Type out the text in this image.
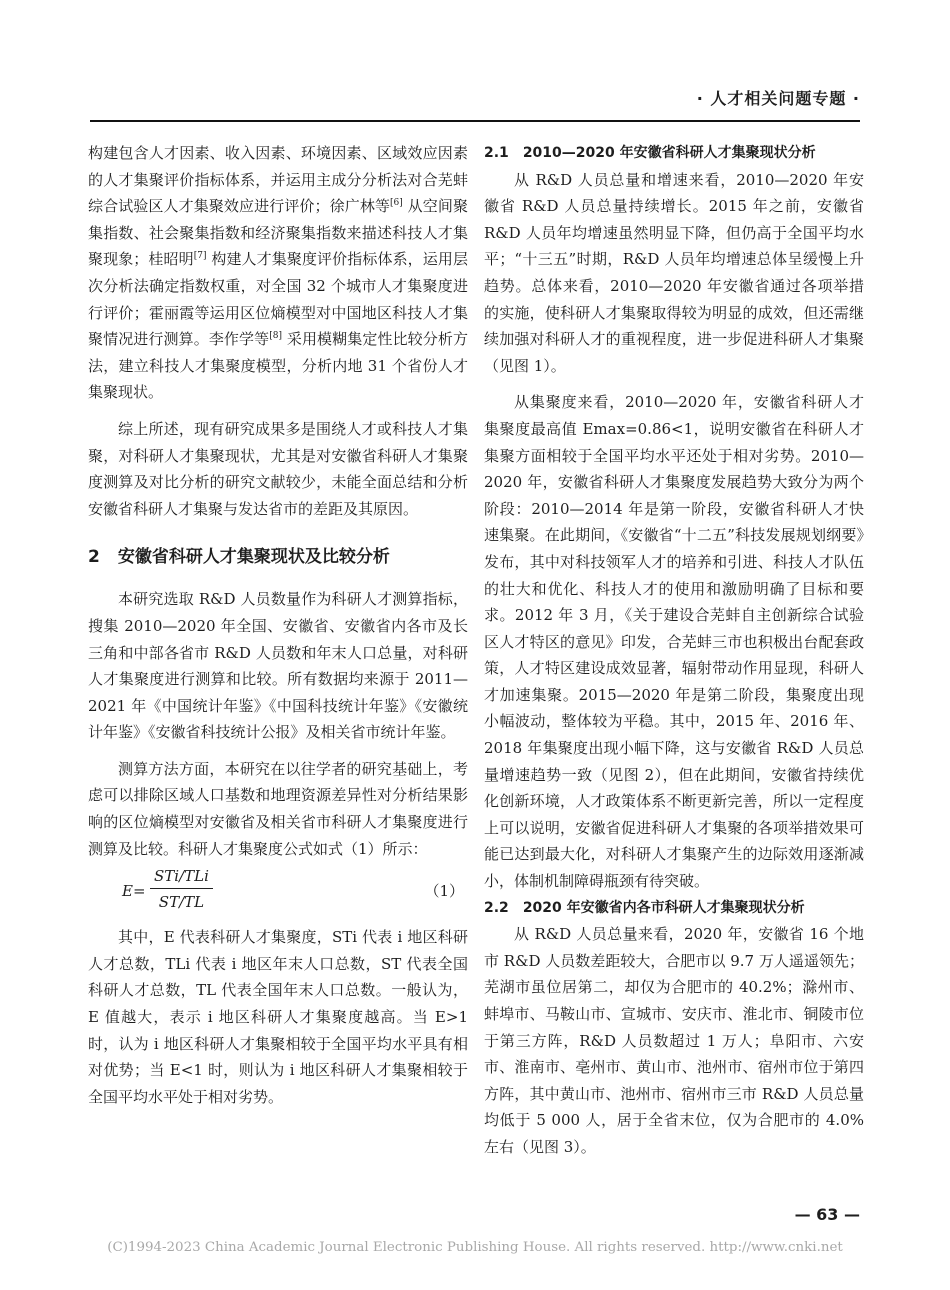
· 人才相关问题专题 ·

构建包含人才因素、收入因素、环境因素、区域效应因素的人才集聚评价指标体系，并运用主成分分析法对合芜蚌综合试验区人才集聚效应进行评价；徐广林等[6] 从空间聚集指数、社会聚集指数和经济聚集指数来描述科技人才集聚现象；桂昭明[7] 构建人才集聚度评价指标体系，运用层次分析法确定指数权重，对全国 32 个城市人才集聚度进行评价；霍丽霞等运用区位熵模型对中国地区科技人才集聚情况进行测算。李作学等[8] 采用模糊集定性比较分析方法，建立科技人才集聚度模型，分析内地 31 个省份人才集聚现状。

综上所述，现有研究成果多是围绕人才或科技人才集聚，对科研人才集聚现状，尤其是对安徽省科研人才集聚度测算及对比分析的研究文献较少，未能全面总结和分析安徽省科研人才集聚与发达省市的差距及其原因。

2 安徽省科研人才集聚现状及比较分析

本研究选取 R&D 人员数量作为科研人才测算指标，搜集 2010—2020 年全国、安徽省、安徽省内各市及长三角和中部各省市 R&D 人员数和年末人口总量，对科研人才集聚度进行测算和比较。所有数据均来源于 2011—2021 年《中国统计年鉴》《中国科技统计年鉴》《安徽统计年鉴》《安徽省科技统计公报》及相关省市统计年鉴。

测算方法方面，本研究在以往学者的研究基础上，考虑可以排除区域人口基数和地理资源差异性对分析结果影响的区位熵模型对安徽省及相关省市科研人才集聚度进行测算及比较。科研人才集聚度公式如式（1）所示：

E=
STi/TLi
ST/TL
（1）

其中，E 代表科研人才集聚度，STi 代表 i 地区科研人才总数，TLi 代表 i 地区年末人口总数，ST 代表全国科研人才总数，TL 代表全国年末人口总数。一般认为，E 值越大，表示 i 地区科研人才集聚度越高。当 E>1 时，认为 i 地区科研人才集聚相较于全国平均水平具有相对优势；当 E<1 时，则认为 i 地区科研人才集聚相较于全国平均水平处于相对劣势。

2.1 2010—2020 年安徽省科研人才集聚现状分析

从 R&D 人员总量和增速来看，2010—2020 年安徽省 R&D 人员总量持续增长。2015 年之前，安徽省 R&D 人员年均增速虽然明显下降，但仍高于全国平均水平；“十三五”时期，R&D 人员年均增速总体呈缓慢上升趋势。总体来看，2010—2020 年安徽省通过各项举措的实施，使科研人才集聚取得较为明显的成效，但还需继续加强对科研人才的重视程度，进一步促进科研人才集聚（见图 1）。

从集聚度来看，2010—2020 年，安徽省科研人才集聚度最高值 Emax=0.86<1，说明安徽省在科研人才集聚方面相较于全国平均水平还处于相对劣势。2010—2020 年，安徽省科研人才集聚度发展趋势大致分为两个阶段：2010—2014 年是第一阶段，安徽省科研人才快速集聚。在此期间，《安徽省“十二五”科技发展规划纲要》发布，其中对科技领军人才的培养和引进、科技人才队伍的壮大和优化、科技人才的使用和激励明确了目标和要求。2012 年 3 月，《关于建设合芜蚌自主创新综合试验区人才特区的意见》印发，合芜蚌三市也积极出台配套政策，人才特区建设成效显著，辐射带动作用显现，科研人才加速集聚。2015—2020 年是第二阶段，集聚度出现小幅波动，整体较为平稳。其中，2015 年、2016 年、2018 年集聚度出现小幅下降，这与安徽省 R&D 人员总量增速趋势一致（见图 2），但在此期间，安徽省持续优化创新环境，人才政策体系不断更新完善，所以一定程度上可以说明，安徽省促进科研人才集聚的各项举措效果可能已达到最大化，对科研人才集聚产生的边际效用逐渐减小，体制机制障碍瓶颈有待突破。

2.2 2020 年安徽省内各市科研人才集聚现状分析

从 R&D 人员总量来看，2020 年，安徽省 16 个地市 R&D 人员数差距较大，合肥市以 9.7 万人遥遥领先；芜湖市虽位居第二，却仅为合肥市的 40.2%；滁州市、蚌埠市、马鞍山市、宣城市、安庆市、淮北市、铜陵市位于第三方阵，R&D 人员数超过 1 万人；阜阳市、六安市、淮南市、亳州市、黄山市、池州市、宿州市位于第四方阵，其中黄山市、池州市、宿州市三市 R&D 人员总量均低于 5 000 人，居于全省末位，仅为合肥市的 4.0% 左右（见图 3）。

— 63 —
(C)1994-2023 China Academic Journal Electronic Publishing House. All rights reserved. http://www.cnki.net
